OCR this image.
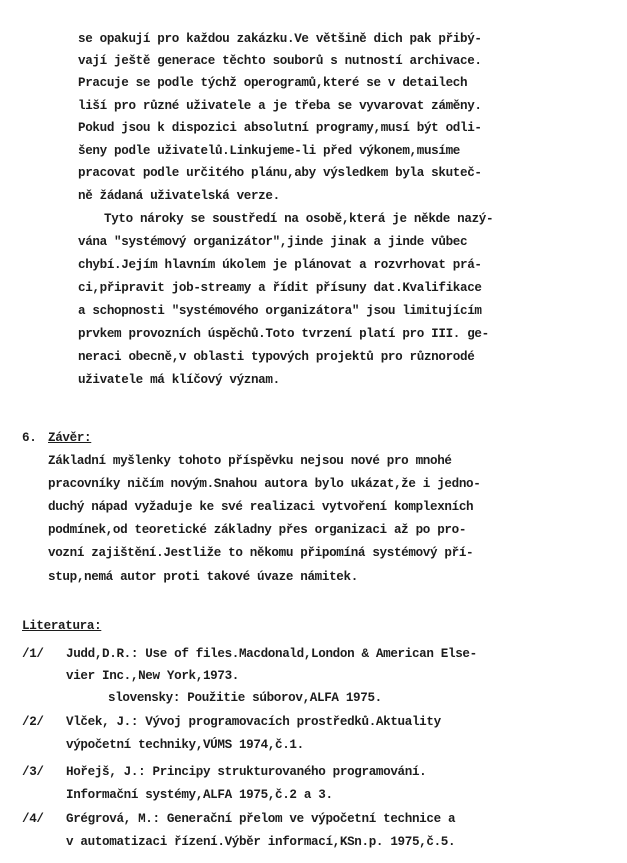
se opakují pro každou zakázku.Ve většině dich pak přibý-
vají ještě generace těchto souborů s nutností archivace.
Pracuje se podle týchž operogramů,které se v detailech
liší pro různé uživatele a je třeba se vyvarovat záměny.
Pokud jsou k dispozici absolutní programy,musí být odli-
šeny podle uživatelů.Linkujeme-li před výkonem,musíme
pracovat podle určitého plánu,aby výsledkem byla skuteč-
ně žádaná uživatelská verze.
Tyto nároky se soustředí na osobě,která je někde nazý-
vána "systémový organizátor",jinde jinak a jinde vůbec
chybí.Jejím hlavním úkolem je plánovat a rozvrhovat prá-
ci,připravit job-streamy a řídit přísuny dat.Kvalifikace
a schopnosti "systémového organizátora" jsou limitujícím
prvkem provozních úspěchů.Toto tvrzení platí pro III. ge-
neraci obecně,v oblasti typových projektů pro různorodé
uživatele má klíčový význam.
6. Závěr:
Základní myšlenky tohoto příspěvku nejsou nové pro mnohé
pracovníky ničím novým.Snahou autora bylo ukázat,že i jedno-
duchý nápad vyžaduje ke své realizaci vytvoření komplexních
podmínek,od teoretické základny přes organizaci až po pro-
vozní zajištění.Jestliže to někomu připomíná systémový pří-
stup,nemá autor proti takové úvaze námitek.
Literatura:
/1/ Judd,D.R.: Use of files.Macdonald,London & American Else-
vier Inc.,New York,1973.
slovensky: Použitie súborov,ALFA 1975.
/2/ Vlček, J.: Vývoj programovacích prostředků.Aktuality
výpočetní techniky,VÚMS 1974,č.1.
/3/ Hořejš, J.: Principy strukturovaného programování.
Informační systémy,ALFA 1975,č.2 a 3.
/4/ Grégrová, M.: Generační přelom ve výpočetní technice a
v automatizaci řízení.Výběr informací,KSn.p. 1975,č.5.
